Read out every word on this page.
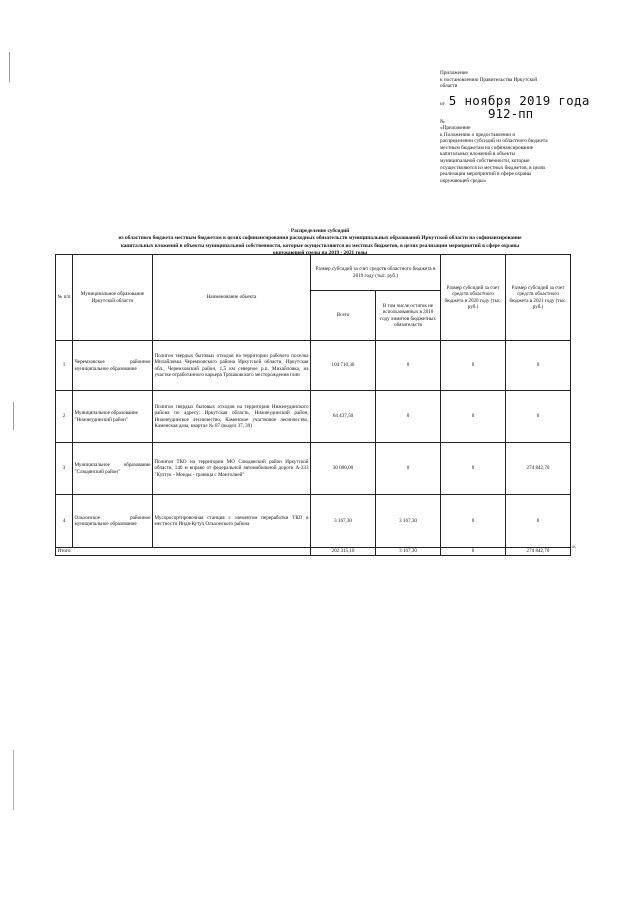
Приложение
к постановлению Правительства Иркутской
области
от 5 ноября 2019 года
№
912-пп
«Приложение
к Положению о предоставлении и
распределении субсидий из областного бюджета
местным бюджетам на софинансирование
капитальных вложений в объекты
муниципальной собственности, которые
осуществляются из местных бюджетов, в целях
реализации мероприятий в сфере охраны
окружающей среды»
Распределение субсидий
из областного бюджета местным бюджетам в целях софинансирования расходных обязательств муниципальных образований Иркутской области на софинансирование
капитальных вложений в объекты муниципальной собственности, которые осуществляются из местных бюджетов, в целях реализации мероприятий в сфере охраны
окружающей среды на 2019 - 2021 годы
№ п/п	Муниципальное образование Иркутской области	Наименование объекта	Размер субсидий за счет средств областного бюджета в 2019 году (тыс. руб.)		Размер субсидий за счет средств областного бюджета в 2020 году (тыс. руб.)	Размер субсидий за счет средств областного бюджета в 2021 году (тыс. руб.)
			Всего	В том числе остаток не использованных в 2018 году лимитов бюджетных обязательств		
1	Черемховское районное муниципальное образование	Полигон твердых бытовых отходов на территории рабочего поселка Михайловка Черемховского района Иркутской области, Иркутская обл., Черемховский район, 1,5 км северное р.п. Михайловка, на участке отработанного карьера Трошковского месторождения глин	104 710,30	0	0	0
2	Муниципальное образование "Нижнеудинский район"	Полигон твердых бытовых отходов на территории Нижнеудинского района по адресу: Иркутская область, Нижнеудинский район, Нижнеудинское лесничество, Каменское участковое лесничество, Каменская дача, квартал № 87 (выдел 37, 39)	64 437,50	0	0	0
3	Муниципальное образование "Слюдянский район"	Полигон ТКО на территории МО Слюдянский район Иркутской области, 140 м вправо от федеральной автомобильной дороги А-333 "Култук - Монды - граница с Монголией"	30 000,00	0	0	274 842,70
4	Ольхонское районное муниципальное образование	Мусоросортировочная станция с элементом переработки ТКО в местности Индя-Кутул Ольхонского района	3 167,30	3 167,30	0	0
Итого:			202 315,10	3 167,30	0	274 842,70
».
